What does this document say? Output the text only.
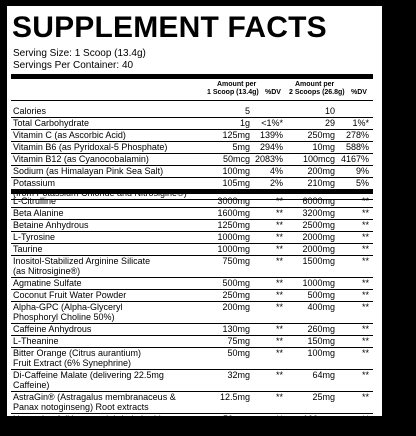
SUPPLEMENT FACTS
Serving Size: 1 Scoop (13.4g)
Servings Per Container: 40
Amount per
1 Scoop (13.4g) %DV
Amount per
2 Scoops (26.8g) %DV
Calories	5	10
Total Carbohydrate	1g	<1%*	29	1%*
Vitamin C (as Ascorbic Acid)	125mg	139%	250mg	278%
Vitamin B6 (as Pyridoxal-5 Phosphate)	5mg	294%	10mg	588%
Vitamin B12 (as Cyanocobalamin)	50mcg 2083%	100mcg 4167%
Sodium (as Himalayan Pink Sea Salt)	100mg	4%	200mg	9%
Potassium	105mg	2%	210mg	5%
L-Citrulline	3000mg	**	6000mg	**
Beta Alanine	1600mg	**	3200mg	**
Betaine Anhydrous	1250mg	**	2500mg	**
L-Tyrosine	1000mg	**	2000mg	**
Taurine	1000mg	**	2000mg	**
Inositol-Stabilized Arginine Silicate	750mg	**	1500mg	**
(as Nitrosigine®)
Agmatine Sulfate	500mg	**	1000mg	**
Coconut Fruit Water Powder	250mg	**	500mg	**
Alpha-GPC (Alpha-Glyceryl	200mg	**	400mg	**
Phosphoryl Choline 50%)
Caffeine Anhydrous	130mg	**	260mg	**
L-Theanine	75mg	**	150mg	**
Bitter Orange (Citrus aurantium)	50mg	**	100mg	**
Fruit Extract (6% Synephrine)
Di-Caffeine Malate (delivering 22.5mg	32mg	**	64mg	**
Caffeine)
AstraGin® (Astragalus membranaceus &	12.5mg	**	25mg	**
Panax notoginseng) Root extracts
Huperzine A (H. serrate) (whole herb)	50mcg	**	100mcg	**
Extract
